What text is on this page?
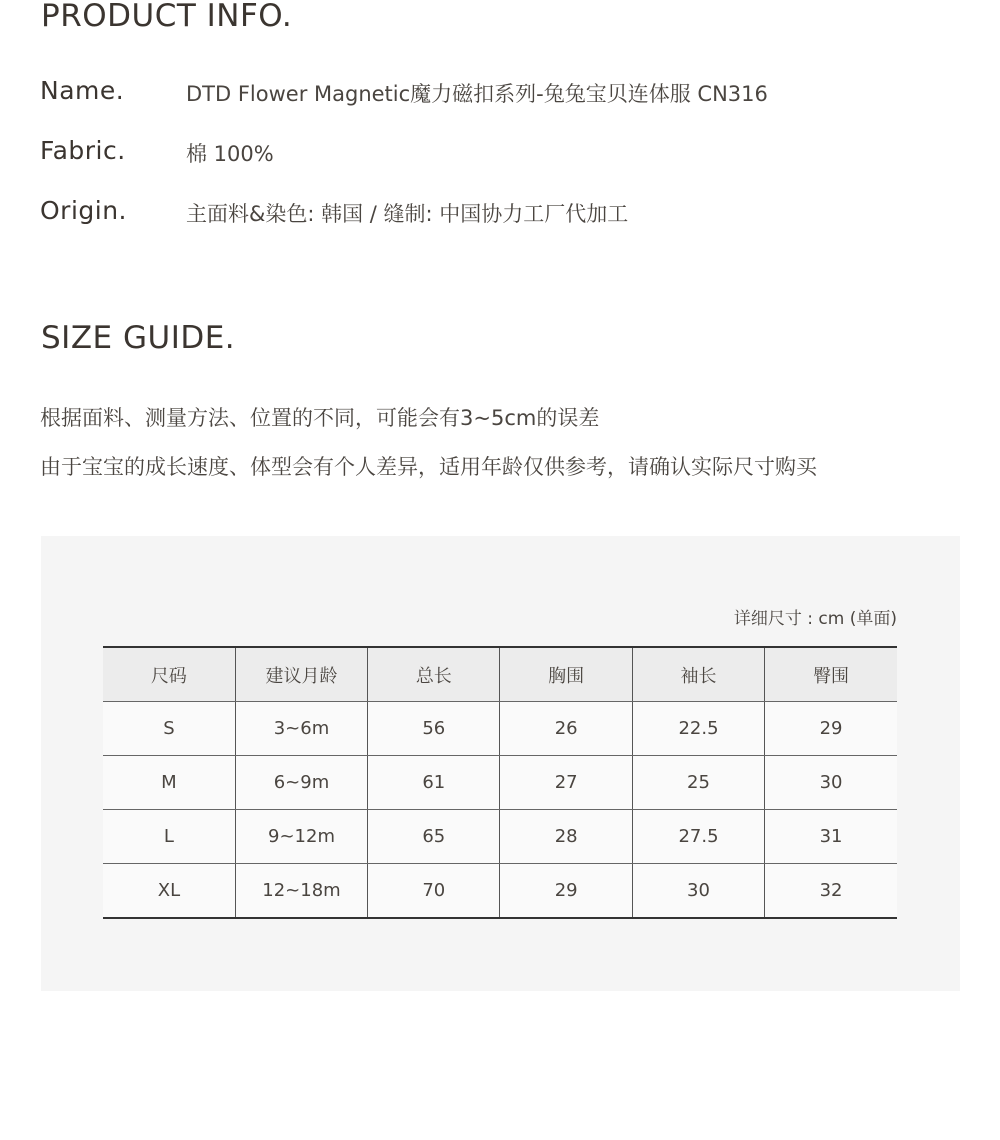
PRODUCT INFO.
Name.	DTD Flower Magnetic魔力磁扣系列-兔兔宝贝连体服 CN316
Fabric.	棉 100%
Origin.	主面料&染色: 韩国 / 缝制: 中国协力工厂代加工
SIZE GUIDE.

根据面料、测量方法、位置的不同，可能会有3~5cm的误差

由于宝宝的成长速度、体型会有个人差异，适用年龄仅供参考，请确认实际尺寸购买

详细尺寸 : cm (单面)
尺码	建议月龄	总长	胸围	袖长	臀围
S	3~6m	56	26	22.5	29
M	6~9m	61	27	25	30
L	9~12m	65	28	27.5	31
XL	12~18m	70	29	30	32
